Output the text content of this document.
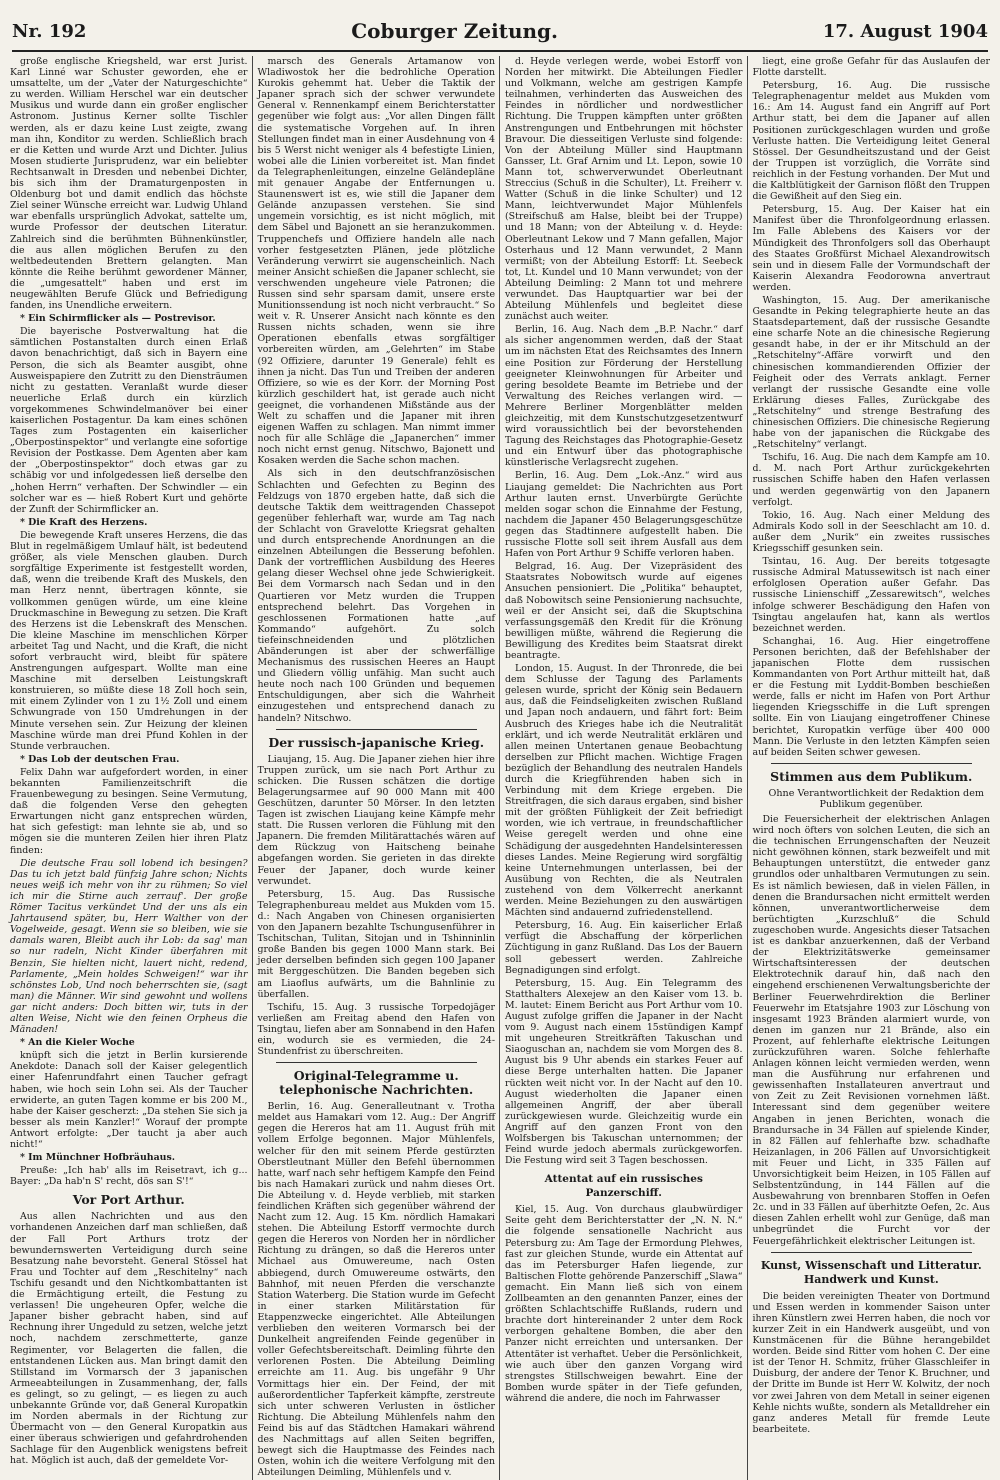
Nr. 192	Coburger Zeitung.	17. August 1904

große englische Kriegsheld, war erst Jurist. Karl Linné war Schuster geworden, ehe er umsattelte, um der „Vater der Naturgeschichte“ zu werden. William Herschel war ein deutscher Musikus und wurde dann ein großer englischer Astronom. Justinus Kerner sollte Tischler werden, als er dazu keine Lust zeigte, zwang man ihn, Konditor zu werden. Schließlich brach er die Ketten und wurde Arzt und Dichter. Julius Mosen studierte Jurisprudenz, war ein beliebter Rechtsanwalt in Dresden und nebenbei Dichter, bis sich ihm der Dramaturgenposten in Oldenburg bot und damit endlich das höchste Ziel seiner Wünsche erreicht war. Ludwig Uhland war ebenfalls ursprünglich Advokat, sattelte um, wurde Professor der deutschen Literatur. Zahlreich sind die berühmten Bühnenkünstler, die aus allen möglichen Berufen zu den weltbedeutenden Brettern gelangten. Man könnte die Reihe berühmt gewordener Männer, die „umgesattelt“ haben und erst im neugewählten Berufe Glück und Befriedigung fanden, ins Unendliche erweitern.

* Ein Schirmflicker als — Postrevisor.

Die bayerische Postverwaltung hat die sämtlichen Postanstalten durch einen Erlaß davon benachrichtigt, daß sich in Bayern eine Person, die sich als Beamter ausgibt, ohne Ausweispapiere den Zutritt zu den Diensträumen nicht zu gestatten. Veranlaßt wurde dieser neuerliche Erlaß durch ein kürzlich vorgekommenes Schwindelmanöver bei einer kaiserlichen Postagentur. Da kam eines schönen Tages zum Postagenten ein kaiserlicher „Oberpostinspektor“ und verlangte eine sofortige Revision der Postkasse. Dem Agenten aber kam der „Oberpostinspektor“ doch etwas gar zu schäbig vor und infolgedessen ließ derselbe den „hohen Herrn“ verhaften. Der Schwindler — ein solcher war es — hieß Robert Kurt und gehörte der Zunft der Schirmflicker an.

* Die Kraft des Herzens.

Die bewegende Kraft unseres Herzens, die das Blut in regelmäßigem Umlauf hält, ist bedeutend größer, als viele Menschen glauben. Durch sorgfältige Experimente ist festgestellt worden, daß, wenn die treibende Kraft des Muskels, den man Herz nennt, übertragen könnte, sie vollkommen genügen würde, um eine kleine Druckmaschine in Bewegung zu setzen. Die Kraft des Herzens ist die Lebenskraft des Menschen. Die kleine Maschine im menschlichen Körper arbeitet Tag und Nacht, und die Kraft, die nicht sofort verbraucht wird, bleibt für spätere Anstrengungen aufgespart. Wollte man eine Maschine mit derselben Leistungskraft konstruieren, so müßte diese 18 Zoll hoch sein, mit einem Zylinder von 1 zu 1½ Zoll und einem Schwungrade von 150 Umdrehungen in der Minute versehen sein. Zur Heizung der kleinen Maschine würde man drei Pfund Kohlen in der Stunde verbrauchen.

* Das Lob der deutschen Frau.

Felix Dahn war aufgefordert worden, in einer bekannten Familienzeitschrift die Frauenbewegung zu besingen. Seine Vermutung, daß die folgenden Verse den gehegten Erwartungen nicht ganz entsprechen würden, hat sich gefestigt: man lehnte sie ab, und so mögen sie die munteren Zeilen hier ihren Platz finden:

Die deutsche Frau soll lobend ich besingen? Das tu ich jetzt bald fünfzig Jahre schon; Nichts neues weiß ich mehr von ihr zu rühmen; So viel ich mir die Stirne auch zerrauf'. Der große Römer Tacitus verkündet Und der uns als ein Jahrtausend später, bu, Herr Walther von der Vogelweide, gesagt. Wenn sie so bleiben, wie sie damals waren, Bleibt auch ihr Lob: da sag' man so nur radeln, Nicht Kinder überfahren mit Benzin, Sie hielten nicht, lauert nicht, redend, Parlamente, „Mein holdes Schweigen!“ war ihr schönstes Lob, Und noch beherrschten sie, (sagt man) die Männer. Wir sind gewohnt und wollens gar nicht anders: Doch bitten wir, tuts in der alten Weise, Nicht wie den feinen Orpheus die Mänaden!

* An die Kieler Woche

knüpft sich die jetzt in Berlin kursierende Anekdote: Danach soll der Kaiser gelegentlich einer Hafenrundfahrt einen Taucher gefragt haben, wie hoch sein Lohn sei. Als der Taucher erwiderte, an guten Tagen komme er bis 200 M., habe der Kaiser gescherzt: „Da stehen Sie sich ja besser als mein Kanzler!“ Worauf der prompte Antwort erfolgte: „Der taucht ja aber auch nicht!“

* Im Münchner Hofbräuhaus.

Preuße: „Ich hab' alls im Reisetravt, ich g... Bayer: „Da hab'n S' recht, dös san S'!“

Vor Port Arthur.

Aus allen Nachrichten und aus den vorhandenen Anzeichen darf man schließen, daß der Fall Port Arthurs trotz der bewundernswerten Verteidigung durch seine Besatzung nahe bevorsteht. General Stössel hat Frau und Tochter auf dem „Reschitelny“ nach Tschifu gesandt und den Nichtkombattanten ist die Ermächtigung erteilt, die Festung zu verlassen! Die ungeheuren Opfer, welche die Japaner bisher gebracht haben, sind auf Rechnung ihrer Ungeduld zu setzen, welche jetzt noch, nachdem zerschmetterte, ganze Regimenter, vor Belagerten die fallen, die entstandenen Lücken aus. Man bringt damit den Stillstand im Vormarsch der 3 japanischen Armeeabteilungen in Zusammenhang, der, falls es gelingt, so zu gelingt, — es liegen zu auch unbekannte Gründe vor, daß General Kuropatkin im Norden abermals in der Richtung zur Übermacht von — den General Kuropatkin aus einer überaus schwierigen und gefahrdrohenden Sachlage für den Augenblick wenigstens befreit hat. Möglich ist auch, daß der gemeldete Vor-

marsch des Generals Artamanow von Wladiwostok her die bedrohliche Operation Kurokis gehemmt hat. Ueber die Taktik der Japaner sprach sich der schwer verwundete General v. Rennenkampf einem Berichterstatter gegenüber wie folgt aus: „Vor allen Dingen fällt die systematische Vorgehen auf. In ihren Stellungen findet man in einer Ausdehnung von 4 bis 5 Werst nicht weniger als 4 befestigte Linien, wobei alle die Linien vorbereitet ist. Man findet da Telegraphenleitungen, einzelne Geländepläne mit genauer Angabe der Entfernungen u. Staunenswert ist es, wie still die Japaner dem Gelände anzupassen verstehen. Sie sind ungemein vorsichtig, es ist nicht möglich, mit dem Säbel und Bajonett an sie heranzukommen. Truppenchefs und Offiziere handeln alle nach vorher festgesetzten Plänen, jede plötzliche Veränderung verwirrt sie augenscheinlich. Nach meiner Ansicht schießen die Japaner schlecht, sie verschwenden ungeheure viele Patronen; die Russen sind sehr sparsam damit, unsere erste Munitionssendung ist noch nicht verbraucht.“ So weit v. R. Unserer Ansicht nach könnte es den Russen nichts schaden, wenn sie ihre Operationen ebenfalls etwas sorgfältiger vorbereiten würden, am „Gelehrten“ im Stabe (92 Offiziere, darunter 19 Generale) fehlt es ihnen ja nicht. Das Tun und Treiben der anderen Offiziere, so wie es der Korr. der Morning Post kürzlich geschildert hat, ist gerade auch nicht geeignet, die vorhandenen Mißstände aus der Welt zu schaffen und die Japaner mit ihren eigenen Waffen zu schlagen. Man nimmt immer noch für alle Schläge die „Japanerchen“ immer noch nicht ernst genug. Nitschwo, Bajonett und Kosaken werden die Sache schon machen.

Als sich in den deutschfranzösischen Schlachten und Gefechten zu Beginn des Feldzugs von 1870 ergeben hatte, daß sich die deutsche Taktik dem weittragenden Chassepot gegenüber fehlerhaft war, wurde am Tag nach der Schlacht von Gravelotte Kriegsrat gehalten und durch entsprechende Anordnungen an die einzelnen Abteilungen die Besserung befohlen. Dank der vortrefflichen Ausbildung des Heeres gelang dieser Wechsel ohne jede Schwierigkeit. Bei dem Vormarsch nach Sedan und in den Quartieren vor Metz wurden die Truppen entsprechend belehrt. Das Vorgehen in geschlossenen Formationen hatte „auf Kommando“ aufgehört. Zu solch tiefeinschneidenden und plötzlichen Abänderungen ist aber der schwerfällige Mechanismus des russischen Heeres an Haupt und Gliedern völlig unfähig. Man sucht auch heute noch nach 100 Gründen und bequemen Entschuldigungen, aber sich die Wahrheit einzugestehen und entsprechend danach zu handeln? Nitschwo.

Der russisch-japanische Krieg.

Liaujang, 15. Aug. Die Japaner ziehen hier ihre Truppen zurück, um sie nach Port Arthur zu schicken. Die Russen schätzen die dortige Belagerungsarmee auf 90 000 Mann mit 400 Geschützen, darunter 50 Mörser. In den letzten Tagen ist zwischen Liaujang keine Kämpfe mehr statt. Die Russen verloren die Fühlung mit den Japanern. Die fremden Militärattachés wären auf dem Rückzug von Haitscheng beinahe abgefangen worden. Sie gerieten in das direkte Feuer der Japaner, doch wurde keiner verwundet.

Petersburg, 15. Aug. Das Russische Telegraphenbureau meldet aus Mukden vom 15. d.: Nach Angaben von Chinesen organisierten von den Japanern bezahlte Tschungusenführer in Tschitschan, Tulitan, Sitojan und in Tshinninlin große Banden bis gegen 1000 Mann stark. Bei jeder derselben befinden sich gegen 100 Japaner mit Berggeschützen. Die Banden begeben sich am Liaoflus aufwärts, um die Bahnlinie zu überfallen.

Tschifu, 15. Aug. 3 russische Torpedojäger verließen am Freitag abend den Hafen von Tsingtau, liefen aber am Sonnabend in den Hafen ein, wodurch sie es vermieden, die 24-Stundenfrist zu überschreiten.

Original-Telegramme u. telephonische Nachrichten.

Berlin, 16. Aug. Generalleutnant v. Trotha meldet aus Hamakari vom 12. Aug.: Der Angriff gegen die Hereros hat am 11. August früh mit vollem Erfolge begonnen. Major Mühlenfels, welcher für den mit seinem Pferde gestürzten Oberstleutnant Müller den Befehl übernommen hatte, warf nach sehr heftigem Kampfe den Feind bis nach Hamakari zurück und nahm dieses Ort. Die Abteilung v. d. Heyde verblieb, mit starken feindlichen Kräften sich gegenüber während der Nacht zum 12. Aug. 15 Km. nördlich Hamakari stehen. Die Abteilung Estorff vermochte durch gegen die Hereros von Norden her in nördlicher Richtung zu drängen, so daß die Hereros unter Michael aus Omuwereume, nach Osten abbiegend, durch Omuwereume ostwärts, den Bahnhof, mit neuen Pferden die verschanzte Station Waterberg. Die Station wurde im Gefecht in einer starken Militärstation für Etappenzwecke eingerichtet. Alle Abteilungen verblieben den weiteren Vormarsch bei der Dunkelheit angreifenden Feinde gegenüber in voller Gefechtsbereitschaft. Deimling führte den verlorenen Posten. Die Abteilung Deimling erreichte am 11. Aug. bis ungefähr 9 Uhr Vormittags hier ein. Der Feind, der mit außerordentlicher Tapferkeit kämpfte, zerstreute sich unter schweren Verlusten in östlicher Richtung. Die Abteilung Mühlenfels nahm den Feind bis auf das Städtchen Hamakari während des Nachmittags auf allen Seiten begriffen, bewegt sich die Hauptmasse des Feindes nach Osten, wohin ich die weitere Verfolgung mit den Abteilungen Deimling, Mühlenfels und v.

d. Heyde verlegen werde, wobei Estorff von Norden her mitwirkt. Die Abteilungen Fiedler und Volkmann, welche am gestrigen Kampfe teilnahmen, verhinderten das Ausweichen des Feindes in nördlicher und nordwestlicher Richtung. Die Truppen kämpften unter größten Anstrengungen und Entbehrungen mit höchster Bravour. Die diesseitigen Verluste sind folgende: Von der Abteilung Müller sind Hauptmann Gansser, Lt. Graf Arnim und Lt. Lepon, sowie 10 Mann tot, schwerverwundet Oberleutnant Streccius (Schuß in die Schulter), Lt. Freiherr v. Watter (Schuß in die linke Schulter) und 12 Mann, leichtverwundet Major Mühlenfels (Streifschuß am Halse, bleibt bei der Truppe) und 18 Mann; von der Abteilung v. d. Heyde: Oberleutnant Lekow und 7 Mann gefallen, Major Osterhaus und 12 Mann verwundet, 2 Mann vermißt; von der Abteilung Estorff: Lt. Seebeck tot, Lt. Kundel und 10 Mann verwundet; von der Abteilung Deimling: 2 Mann tot und mehrere verwundet. Das Hauptquartier war bei der Abteilung Mühlenfels und begleitet diese zunächst auch weiter.

Berlin, 16. Aug. Nach dem „B.P. Nachr.“ darf als sicher angenommen werden, daß der Staat um im nächsten Etat des Reichsamtes des Innern eine Position zur Förderung der Herstellung geeigneter Kleinwohnungen für Arbeiter und gering besoldete Beamte im Betriebe und der Verwaltung des Reiches verlangen wird. — Mehrere Berliner Morgenblätter melden gleichzeitig, mit dem Kunstschutzgesetzentwurf wird voraussichtlich bei der bevorstehenden Tagung des Reichstages das Photographie-Gesetz und ein Entwurf über das photographische künstlerische Verlagsrecht zugehen.

Berlin, 16. Aug. Dem „Lok.-Anz.“ wird aus Liaujang gemeldet: Die Nachrichten aus Port Arthur lauten ernst. Unverbürgte Gerüchte melden sogar schon die Einnahme der Festung, nachdem die Japaner 450 Belagerungsgeschütze gegen das Stadtinnere aufgestellt haben. Die russische Flotte soll seit ihrem Ausfall aus dem Hafen von Port Arthur 9 Schiffe verloren haben.

Belgrad, 16. Aug. Der Vizepräsident des Staatsrates Nobowitsch wurde auf eigenes Ansuchen pensioniert. Die „Politika“ behauptet, daß Nobowitsch seine Pensionierung nachsuchte, weil er der Ansicht sei, daß die Skuptschina verfassungsgemäß den Kredit für die Krönung bewilligen müßte, während die Regierung die Bewilligung des Kredites beim Staatsrat direkt beantragte.

London, 15. August. In der Thronrede, die bei dem Schlusse der Tagung des Parlaments gelesen wurde, spricht der König sein Bedauern aus, daß die Feindseligkeiten zwischen Rußland und Japan noch andauern, und fährt fort: Beim Ausbruch des Krieges habe ich die Neutralität erklärt, und ich werde Neutralität erklären und allen meinen Untertanen genaue Beobachtung derselben zur Pflicht machen. Wichtige Fragen bezüglich der Behandlung des neutralen Handels durch die Kriegführenden haben sich in Verbindung mit dem Kriege ergeben. Die Streitfragen, die sich daraus ergaben, sind bisher mit der größten Fühligkeit der Zeit befriedigt worden, wie ich vertraue, in freundschaftlicher Weise geregelt werden und ohne eine Schädigung der ausgedehnten Handelsinteressen dieses Landes. Meine Regierung wird sorgfältig keine Unternehmungen unterlassen, bei der Ausübung von Rechten, die als Neutralen zustehend von dem Völkerrecht anerkannt werden. Meine Beziehungen zu den auswärtigen Mächten sind andauernd zufriedenstellend.

Petersburg, 16. Aug. Ein kaiserlicher Erlaß verfügt die Abschaffung der körperlichen Züchtigung in ganz Rußland. Das Los der Bauern soll gebessert werden. Zahlreiche Begnadigungen sind erfolgt.

Petersburg, 15. Aug. Ein Telegramm des Statthalters Alexejew an den Kaiser vom 13. b. M. lautet: Einem Bericht aus Port Arthur vom 10. August zufolge griffen die Japaner in der Nacht vom 9. August nach einem 15stündigen Kampf mit ungeheuren Streitkräften Takuschan und Siaoguschan an, nachdem sie vom Morgen des 8. August bis 9 Uhr abends ein starkes Feuer auf diese Berge unterhalten hatten. Die Japaner rückten weit nicht vor. In der Nacht auf den 10. August wiederholten die Japaner einen allgemeinen Angriff, der aber überall zurückgewiesen wurde. Gleichzeitig wurde ein Angriff auf den ganzen Front von den Wolfsbergen bis Takuschan unternommen; der Feind wurde jedoch abermals zurückgeworfen. Die Festung wird seit 3 Tagen beschossen.

Attentat auf ein russisches Panzerschiff.

Kiel, 15. Aug. Von durchaus glaubwürdiger Seite geht dem Berichterstatter der „N. N. N.“ die folgende sensationelle Nachricht aus Petersburg zu: Am Tage der Ermordung Plehwes, fast zur gleichen Stunde, wurde ein Attentat auf das im Petersburger Hafen liegende, zur Baltischen Flotte gehörende Panzerschiff „Slawa“ gemacht. Ein Mann ließ sich von einem Zollbeamten an den genannten Panzer, eines der größten Schlachtschiffe Rußlands, rudern und brachte dort hintereinander 2 unter dem Rock verborgen gehaltene Bomben, die aber den Panzer nicht erreichten und untersanken. Der Attentäter ist verhaftet. Ueber die Persönlichkeit, wie auch über den ganzen Vorgang wird strengstes Stillschweigen bewahrt. Eine der Bomben wurde später in der Tiefe gefunden, während die andere, die noch im Fahrwasser

liegt, eine große Gefahr für das Auslaufen der Flotte darstellt.

Petersburg, 16. Aug. Die russische Telegraphenagentur meldet aus Mukden vom 16.: Am 14. August fand ein Angriff auf Port Arthur statt, bei dem die Japaner auf allen Positionen zurückgeschlagen wurden und große Verluste hatten. Die Verteidigung leitet General Stössel. Der Gesundheitszustand und der Geist der Truppen ist vorzüglich, die Vorräte sind reichlich in der Festung vorhanden. Der Mut und die Kaltblütigkeit der Garnison flößt den Truppen die Gewißheit auf den Sieg ein.

Petersburg, 15. Aug. Der Kaiser hat ein Manifest über die Thronfolgeordnung erlassen. Im Falle Ablebens des Kaisers vor der Mündigkeit des Thronfolgers soll das Oberhaupt des Staates Großfürst Michael Alexandrowitsch sein und in diesem Falle der Vormundschaft der Kaiserin Alexandra Feodorowna anvertraut werden.

Washington, 15. Aug. Der amerikanische Gesandte in Peking telegraphierte heute an das Staatsdepartement, daß der russische Gesandte eine scharfe Note an die chinesische Regierung gesandt habe, in der er ihr Mitschuld an der „Retschitelny“-Affäre vorwirft und den chinesischen kommandierenden Offizier der Feigheit oder des Verrats anklagt. Ferner verlangt der russische Gesandte eine volle Erklärung dieses Falles, Zurückgabe des „Retschitelny“ und strenge Bestrafung des chinesischen Offiziers. Die chinesische Regierung habe von der japanischen die Rückgabe des „Retschitelny“ verlangt.

Tschifu, 16. Aug. Die nach dem Kampfe am 10. d. M. nach Port Arthur zurückgekehrten russischen Schiffe haben den Hafen verlassen und werden gegenwärtig von den Japanern verfolgt.

Tokio, 16. Aug. Nach einer Meldung des Admirals Kodo soll in der Seeschlacht am 10. d. außer dem „Nurik“ ein zweites russisches Kriegsschiff gesunken sein.

Tsintau, 16. Aug. Der bereits totgesagte russische Admiral Matussewitsch ist nach einer erfolglosen Operation außer Gefahr. Das russische Linienschiff „Zessarewitsch“, welches infolge schwerer Beschädigung den Hafen von Tsingtau angelaufen hat, kann als wertlos bezeichnet werden.

Schanghai, 16. Aug. Hier eingetroffene Personen berichten, daß der Befehlshaber der japanischen Flotte dem russischen Kommandanten von Port Arthur mitteilt hat, daß er die Festung mit Lyddit-Bomben beschießen werde, falls er nicht im Hafen von Port Arthur liegenden Kriegsschiffe in die Luft sprengen sollte. Ein von Liaujang eingetroffener Chinese berichtet, Kuropatkin verfüge über 400 000 Mann. Die Verluste in den letzten Kämpfen seien auf beiden Seiten schwer gewesen.

Stimmen aus dem Publikum.

Ohne Verantwortlichkeit der Redaktion dem Publikum gegenüber.

Die Feuersicherheit der elektrischen Anlagen wird noch öfters von solchen Leuten, die sich an die technischen Errungenschaften der Neuzeit nicht gewöhnen können, stark bezweifelt und mit Behauptungen unterstützt, die entweder ganz grundlos oder unhaltbaren Vermutungen zu sein. Es ist nämlich bewiesen, daß in vielen Fällen, in denen die Brandursachen nicht ermittelt werden können, unverantwortlicherweise dem berüchtigten „Kurzschluß“ die Schuld zugeschoben wurde. Angesichts dieser Tatsachen ist es dankbar anzuerkennen, daß der Verband der Elektrizitätswerke gemeinsamer Wirtschaftsinteressen der deutschen Elektrotechnik darauf hin, daß nach den eingehend erschienenen Verwaltungsberichte der Berliner Feuerwehrdirektion die Berliner Feuerwehr im Etatsjahre 1903 zur Löschung von insgesamt 1923 Bränden alarmiert wurde, von denen im ganzen nur 21 Brände, also ein Prozent, auf fehlerhafte elektrische Leitungen zurückzuführen waren. Solche fehlerhafte Anlagen können leicht vermieden werden, wenn man die Ausführung nur erfahrenen und gewissenhaften Installateuren anvertraut und von Zeit zu Zeit Revisionen vornehmen läßt. Interessant sind dem gegenüber weitere Angaben in jenen Berichten, wonach die Brandursache in 34 Fällen auf spielende Kinder, in 82 Fällen auf fehlerhafte bzw. schadhafte Heizanlagen, in 206 Fällen auf Unvorsichtigkeit mit Feuer und Licht, in 335 Fällen auf Unvorsichtigkeit beim Heizen, in 105 Fällen auf Selbstentzündung, in 144 Fällen auf die Ausbewahrung von brennbaren Stoffen in Oefen 2c. und in 33 Fällen auf überhitzte Oefen, 2c. Aus diesen Zahlen erhellt wohl zur Genüge, daß man unbegründet die Furcht vor der Feuergefährlichkeit elektrischer Leitungen ist.

Kunst, Wissenschaft und Litteratur. Handwerk und Kunst.

Die beiden vereinigten Theater von Dortmund und Essen werden in kommender Saison unter ihren Künstlern zwei Herren haben, die noch vor kurzer Zeit in ein Handwerk ausgeübt, und von Kunstmäcenen für die Bühne herangebildet worden. Beide sind Ritter vom hohen C. Der eine ist der Tenor H. Schmitz, früher Glasschleifer in Duisburg, der andere der Tenor K. Bruchner, und der Dritte im Bunde ist Herr W. Kolwitz, der noch vor zwei Jahren von dem Metall in seiner eigenen Kehle nichts wußte, sondern als Metalldreher ein ganz anderes Metall für fremde Leute bearbeitete.
